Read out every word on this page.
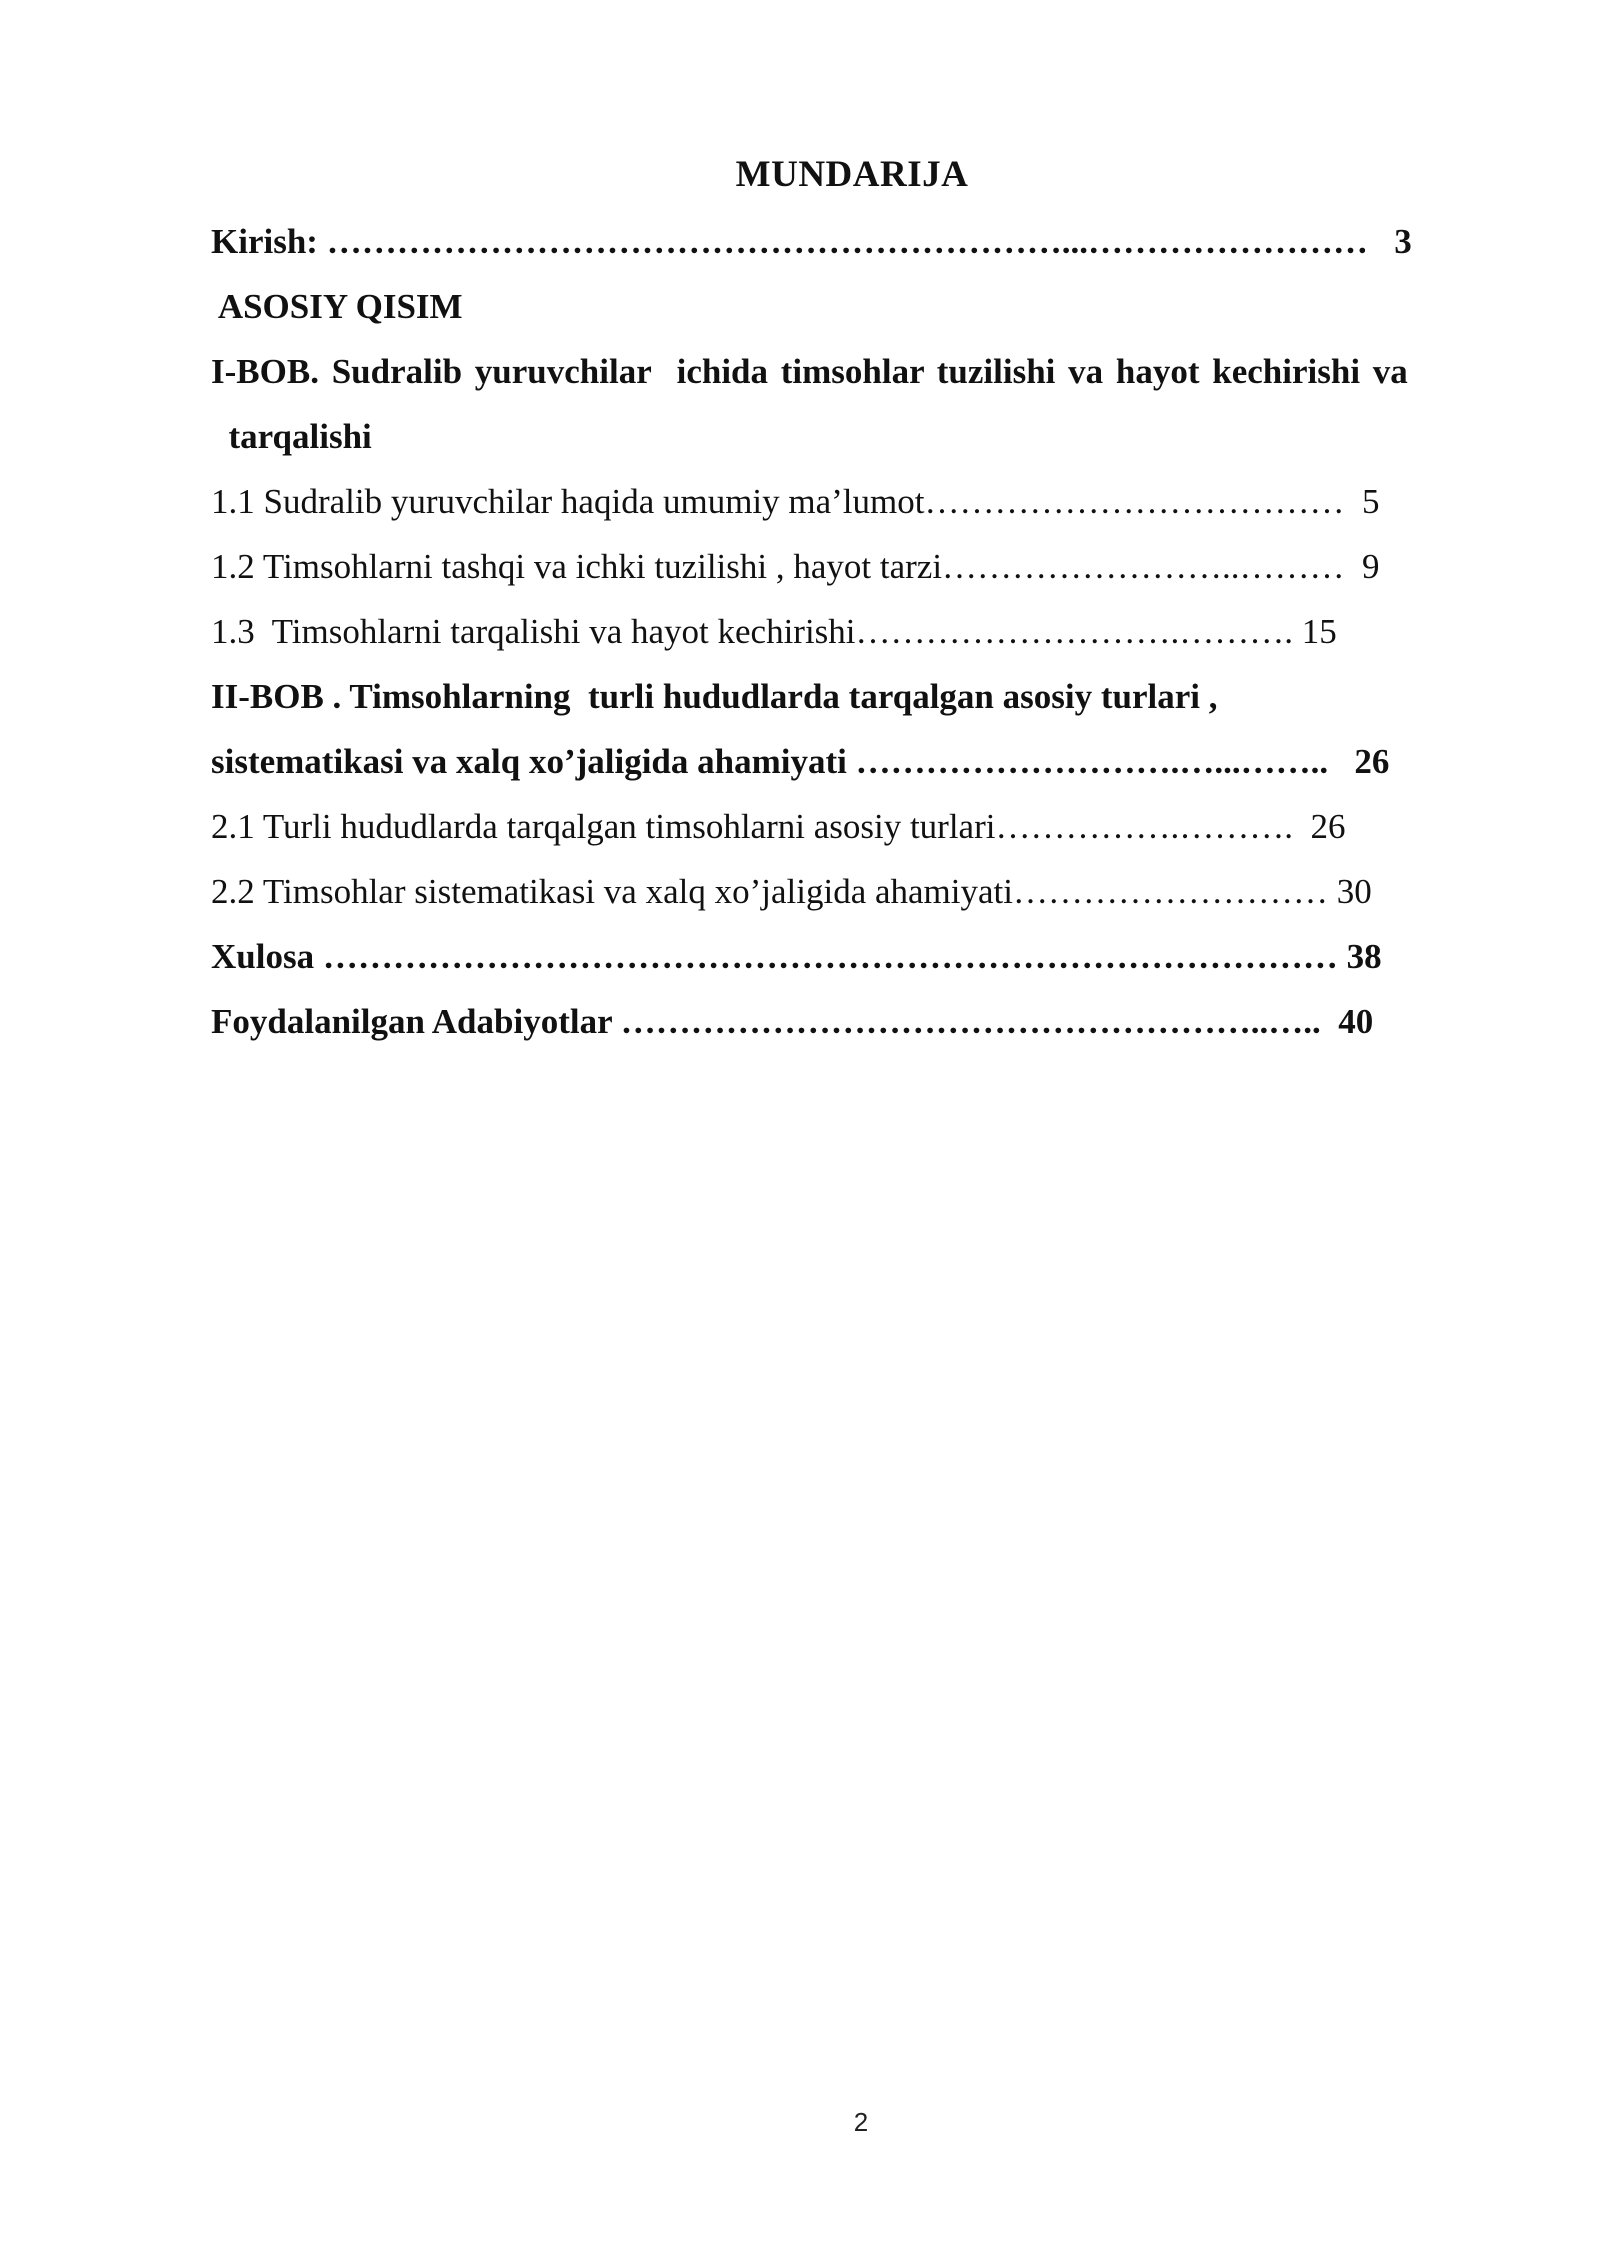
MUNDARIJA
Kirish: ………………………………………………………...……………………   3
ASOSIY QISIM
I-BOB. Sudralib yuruvchilar  ichida timsohlar tuzilishi va hayot kechirishi va
tarqalishi
1.1 Sudralib yuruvchilar haqida umumiy ma’lumot………………………………  5
1.2 Timsohlarni tashqi va ichki tuzilishi , hayot tarzi……………………..………  9
1.3  Timsohlarni tarqalishi va hayot kechirishi……………………….………. 15
II-BOB . Timsohlarning  turli hududlarda tarqalgan asosiy turlari ,
sistematikasi va xalq xo’jaligida ahamiyati ……………………….…...……..   26
2.1 Turli hududlarda tarqalgan timsohlarni asosiy turlari…………….……….  26
2.2 Timsohlar sistematikasi va xalq xo’jaligida ahamiyati……………………… 30
Xulosa …………………………………………………………………………… 38
Foydalanilgan Adabiyotlar ………………………………………………..…..  40
2
